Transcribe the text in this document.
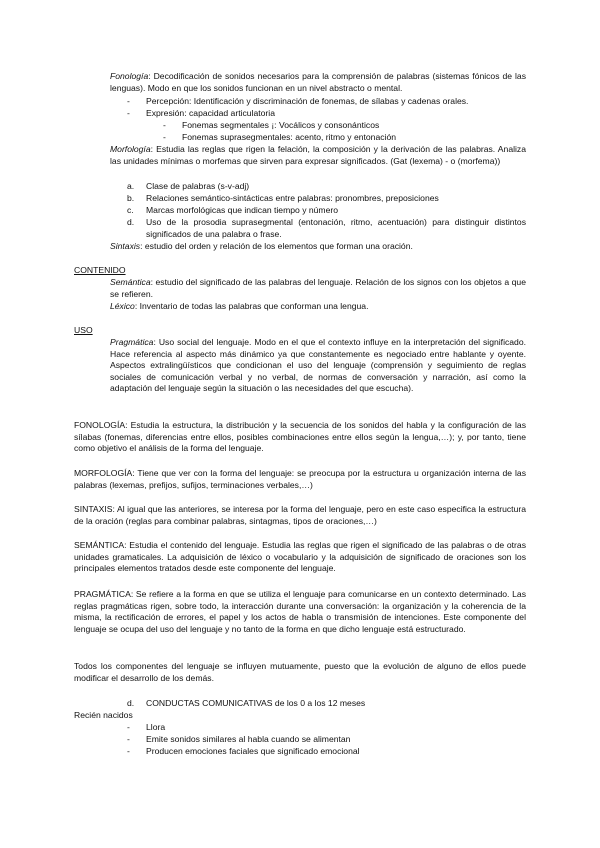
Fonología: Decodificación de sonidos necesarios para la comprensión de palabras (sistemas fónicos de las lenguas). Modo en que los sonidos funcionan en un nivel abstracto o mental.
- Percepción: Identificación y discriminación de fonemas, de sílabas y cadenas orales.
- Expresión: capacidad articulatoria
- Fonemas segmentales ¡: Vocálicos y consonánticos
- Fonemas suprasegmentales: acento, ritmo y entonación
Morfología: Estudia las reglas que rigen la felación, la composición y la derivación de las palabras. Analiza las unidades mínimas o morfemas que sirven para expresar significados. (Gat (lexema) - o (morfema))
a. Clase de palabras (s-v-adj)
b. Relaciones semántico-sintácticas entre palabras: pronombres, preposiciones
c. Marcas morfológicas que indican tiempo y número
d. Uso de la prosodia suprasegmental (entonación, ritmo, acentuación) para distinguir distintos significados de una palabra o frase.
Sintaxis: estudio del orden y relación de los elementos que forman una oración.
CONTENIDO
Semántica: estudio del significado de las palabras del lenguaje. Relación de los signos con los objetos a que se refieren.
Léxico: Inventario de todas las palabras que conforman una lengua.
USO
Pragmática: Uso social del lenguaje. Modo en el que el contexto influye en la interpretación del significado. Hace referencia al aspecto más dinámico ya que constantemente es negociado entre hablante y oyente. Aspectos extralingüísticos que condicionan el uso del lenguaje (comprensión y seguimiento de reglas sociales de comunicación verbal y no verbal, de normas de conversación y narración, así como la adaptación del lenguaje según la situación o las necesidades del que escucha).

FONOLOGÍA: Estudia la estructura, la distribución y la secuencia de los sonidos del habla y la configuración de las sílabas (fonemas, diferencias entre ellos, posibles combinaciones entre ellos según la lengua,…); y, por tanto, tiene como objetivo el análisis de la forma del lenguaje.

MORFOLOGÍA: Tiene que ver con la forma del lenguaje: se preocupa por la estructura u organización interna de las palabras (lexemas, prefijos, sufijos, terminaciones verbales,…)

SINTAXIS: Al igual que las anteriores, se interesa por la forma del lenguaje, pero en este caso especifica la estructura de la oración (reglas para combinar palabras, sintagmas, tipos de oraciones,…)

SEMÁNTICA: Estudia el contenido del lenguaje. Estudia las reglas que rigen el significado de las palabras o de otras unidades gramaticales. La adquisición de léxico o vocabulario y la adquisición de significado de oraciones son los principales elementos tratados desde este componente del lenguaje.

PRAGMÁTICA: Se refiere a la forma en que se utiliza el lenguaje para comunicarse en un contexto determinado. Las reglas pragmáticas rigen, sobre todo, la interacción durante una conversación: la organización y la coherencia de la misma, la rectificación de errores, el papel y los actos de habla o transmisión de intenciones. Este componente del lenguaje se ocupa del uso del lenguaje y no tanto de la forma en que dicho lenguaje está estructurado.

Todos los componentes del lenguaje se influyen mutuamente, puesto que la evolución de alguno de ellos puede modificar el desarrollo de los demás.

d. CONDUCTAS COMUNICATIVAS de los 0 a los 12 meses
Recién nacidos
- Llora
- Emite sonidos similares al habla cuando se alimentan
- Producen emociones faciales que significado emocional
